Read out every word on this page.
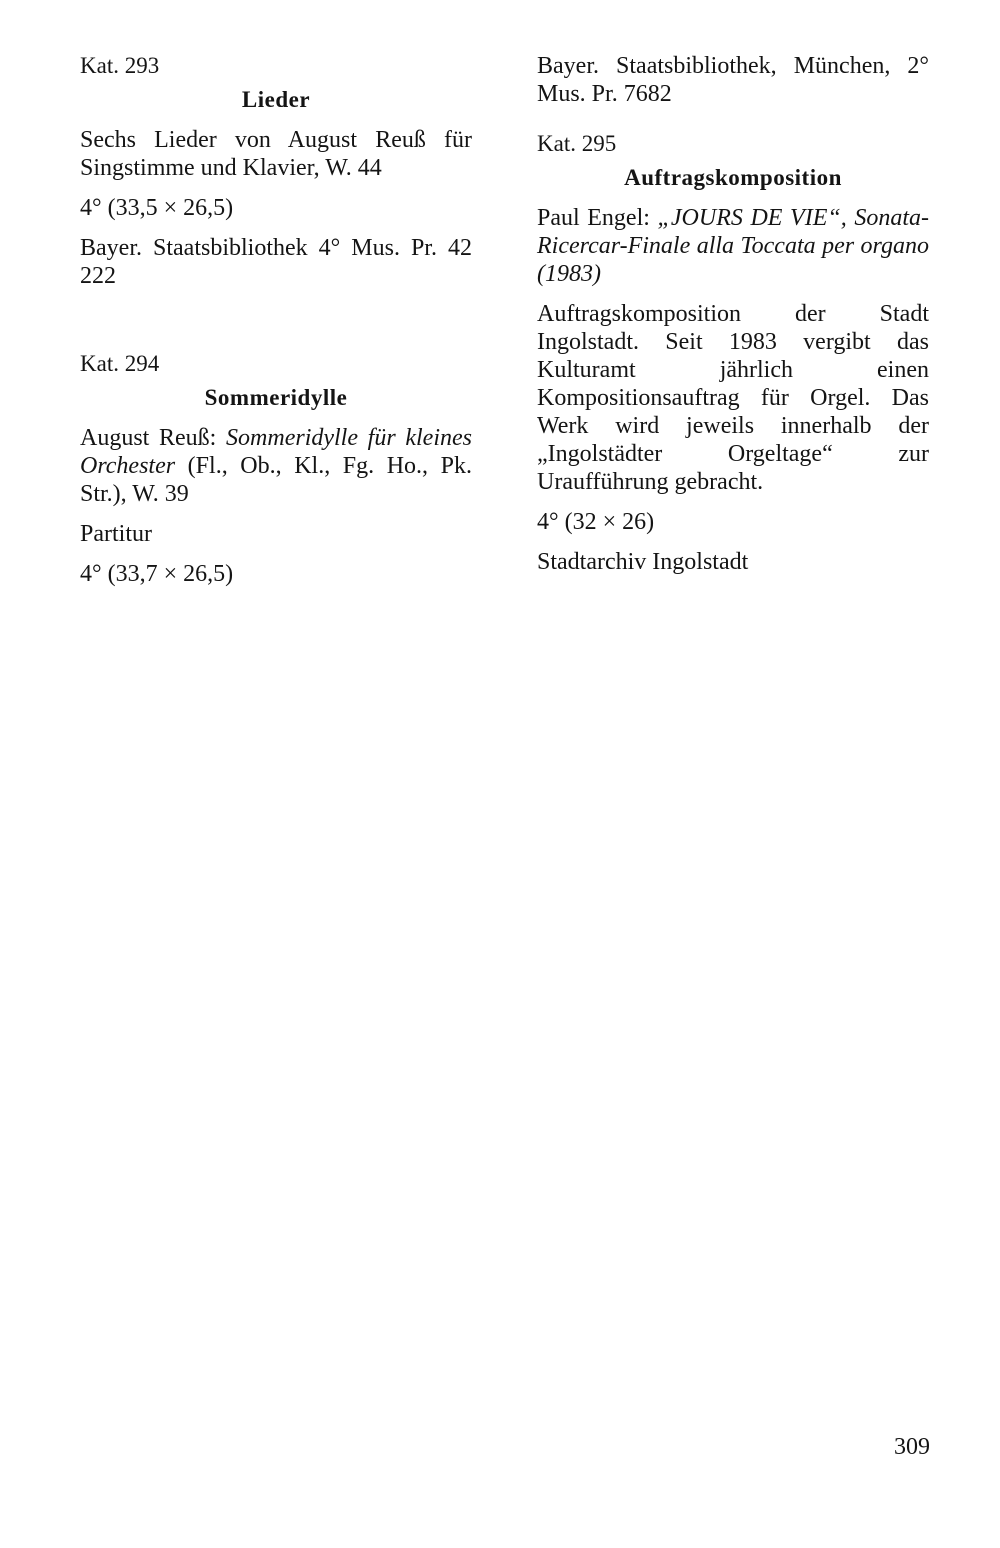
Kat. 293

Lieder

Sechs Lieder von August Reuß für Singstimme und Klavier, W. 44

4° (33,5 × 26,5)

Bayer. Staatsbibliothek 4° Mus. Pr. 42 222

Kat. 294

Sommeridylle

August Reuß: Sommeridylle für kleines Orchester (Fl., Ob., Kl., Fg. Ho., Pk. Str.), W. 39

Partitur

4° (33,7 × 26,5)

Bayer. Staatsbibliothek, München, 2° Mus. Pr. 7682

Kat. 295

Auftragskomposition

Paul Engel: „JOURS DE VIE“, Sonata-Ricercar-Finale alla Toccata per organo (1983)

Auftragskomposition der Stadt Ingolstadt. Seit 1983 vergibt das Kulturamt jährlich einen Kompositionsauftrag für Orgel. Das Werk wird jeweils innerhalb der „Ingolstädter Orgeltage“ zur Uraufführung gebracht.

4° (32 × 26)

Stadtarchiv Ingolstadt

309
